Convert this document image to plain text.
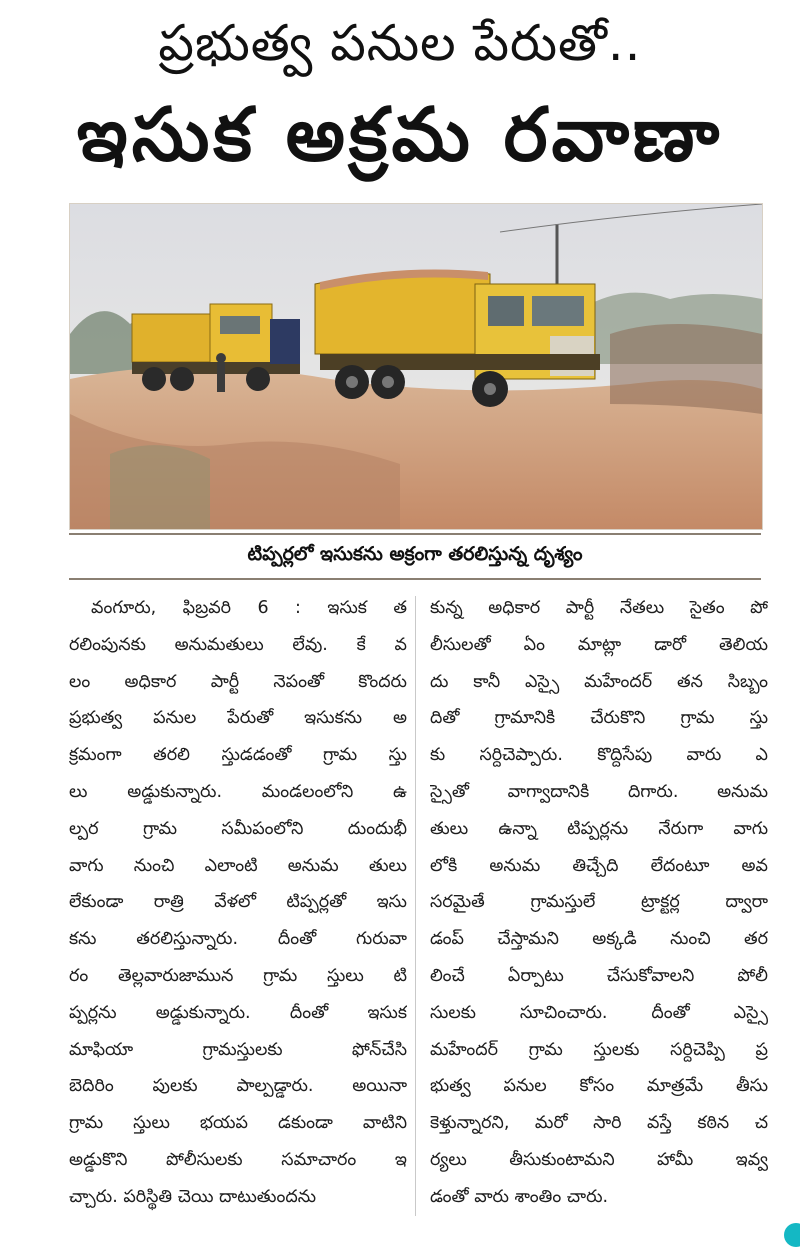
ప్రభుత్వ పనుల పేరుతో..
ఇసుక అక్రమ రవాణా
టిప్పర్లలో ఇసుకను అక్రంగా తరలిస్తున్న దృశ్యం
వంగూరు, ఫిబ్రవరి 6 : ఇసుక త
రలింపునకు అనుమతులు లేవు. కే వ
లం అధికార పార్టీ నెపంతో కొందరు
ప్రభుత్వ పనుల పేరుతో ఇసుకను అ
క్రమంగా తరలి స్తుడడంతో గ్రామ స్తు
లు అడ్డుకున్నారు. మండలంలోని ఉ
ల్పర గ్రామ సమీపంలోని దుందుభీ
వాగు నుంచి ఎలాంటి అనుమ తులు
లేకుండా రాత్రి వేళలో టిప్పర్లతో ఇసు
కను తరలిస్తున్నారు. దీంతో గురువా
రం తెల్లవారుజామున గ్రామ స్తులు టి
ప్పర్లను అడ్డుకున్నారు. దీంతో ఇసుక
మాఫియా గ్రామస్తులకు ఫోన్‌చేసి
బెదిరిం పులకు పాల్పడ్డారు. అయినా
గ్రామ స్తులు భయప డకుండా వాటిని
అడ్డుకొని పోలీసులకు సమాచారం ఇ
చ్చారు. పరిస్థితి చెయి దాటుతుందను
కున్న అధికార పార్టీ నేతలు సైతం పో
లీసులతో ఏం మాట్లా డారో తెలియ
దు కానీ ఎస్సై మహేందర్ తన సిబ్బం
దితో గ్రామానికి చేరుకొని గ్రామ స్తు
కు సర్దిచెప్పారు. కొద్దిసేపు వారు ఎ
స్సైతో వాగ్వాదానికి దిగారు. అనుమ
తులు ఉన్నా టిప్పర్లను నేరుగా వాగు
లోకి అనుమ తిచ్చేది లేదంటూ అవ
సరమైతే గ్రామస్తులే ట్రాక్టర్ల ద్వారా
డంప్ చేస్తామని అక్కడి నుంచి తర
లించే ఏర్పాటు చేసుకోవాలని పోలీ
సులకు సూచించారు. దీంతో ఎస్సై
మహేందర్ గ్రామ స్తులకు సర్దిచెప్పి ప్ర
భుత్వ పనుల కోసం మాత్రమే తీసు
కెళ్తున్నారని, మరో సారి వస్తే కఠిన చ
ర్యలు తీసుకుంటామని హామీ ఇవ్వ
డంతో వారు శాంతిం చారు.
